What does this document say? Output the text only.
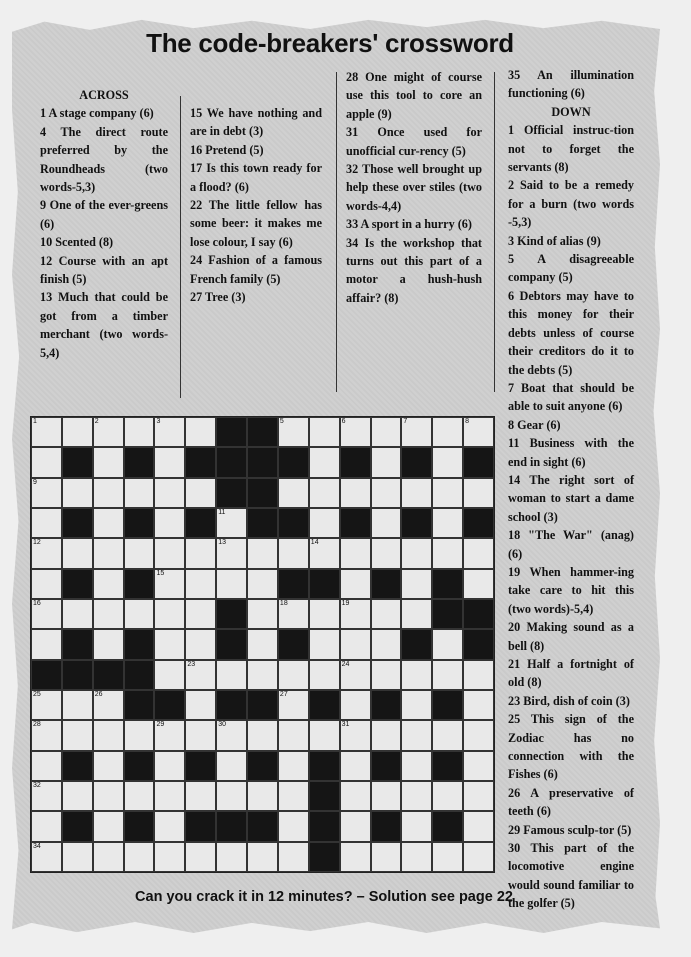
The code-breakers' crossword

ACROSS

1 A stage company (6)

4 The direct route preferred by the Roundheads (two words-5,3)

9 One of the ever-greens (6)

10 Scented (8)

12 Course with an apt finish (5)

13 Much that could be got from a timber merchant (two words-5,4)

15 We have nothing and are in debt (3)

16 Pretend (5)

17 Is this town ready for a flood? (6)

22 The little fellow has some beer: it makes me lose colour, I say (6)

24 Fashion of a famous French family (5)

27 Tree (3)

28 One might of course use this tool to core an apple (9)

31 Once used for unofficial cur-rency (5)

32 Those well brought up help these over stiles (two words-4,4)

33 A sport in a hurry (6)

34 Is the workshop that turns out this part of a motor a hush-hush affair? (8)

35 An illumination functioning (6)

DOWN

1 Official instruc-tion not to forget the servants (8)

2 Said to be a remedy for a burn (two words -5,3)

3 Kind of alias (9)

5 A disagreeable company (5)

6 Debtors may have to this money for their debts unless of course their creditors do it to the debts (5)

7 Boat that should be able to suit anyone (6)

8 Gear (6)

11 Business with the end in sight (6)

14 The right sort of woman to start a dame school (3)

18 "The War" (anag) (6)

19 When hammer-ing take care to hit this (two words)-5,4)

20 Making sound as a bell (8)

21 Half a fortnight of old (8)

23 Bird, dish of coin (3)

25 This sign of the Zodiac has no connection with the Fishes (6)

26 A preservative of teeth (6)

29 Famous sculp-tor (5)

30 This part of the locomotive engine would sound familiar to the golfer (5)

1	2	3	5	6	7	8
9
11
12	13	14
15
16	18	19
23	24
25	26	27
28	29	30	31
32
34

Can you crack it in 12 minutes? – Solution see page 22
